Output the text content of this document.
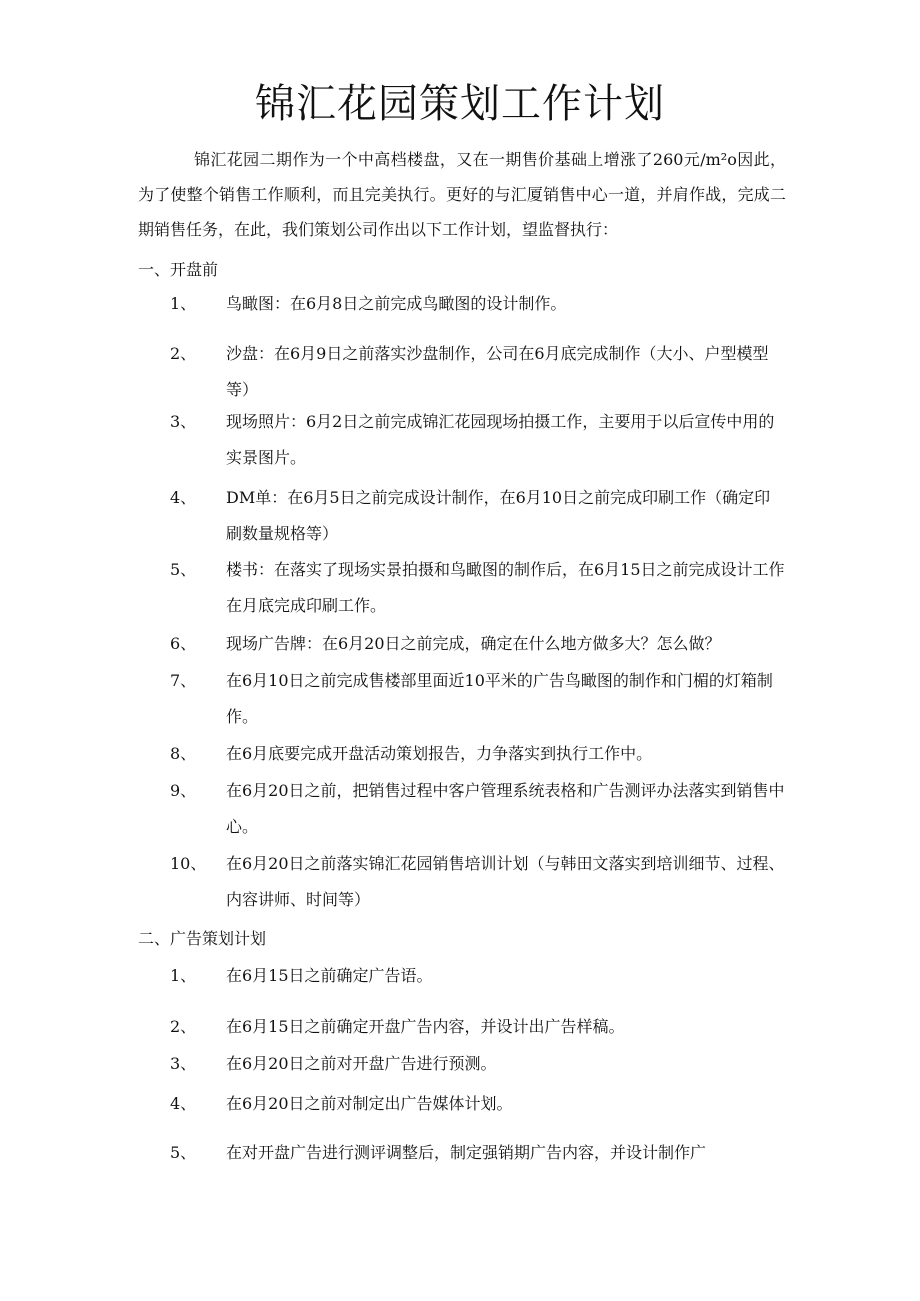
锦汇花园策划工作计划
锦汇花园二期作为一个中高档楼盘，又在一期售价基础上增涨了260元/m²o因此，为了使整个销售工作顺利，而且完美执行。更好的与汇厦销售中心一道，并肩作战，完成二期销售任务，在此，我们策划公司作出以下工作计划，望监督执行：
一、开盘前
1、 鸟瞰图：在6月8日之前完成鸟瞰图的设计制作。
2、 沙盘：在6月9日之前落实沙盘制作，公司在6月底完成制作（大小、户型模型等）
3、 现场照片：6月2日之前完成锦汇花园现场拍摄工作，主要用于以后宣传中用的实景图片。
4、 DM单：在6月5日之前完成设计制作，在6月10日之前完成印刷工作（确定印刷数量规格等）
5、 楼书：在落实了现场实景拍摄和鸟瞰图的制作后，在6月15日之前完成设计工作在月底完成印刷工作。
6、 现场广告牌：在6月20日之前完成，确定在什么地方做多大？怎么做？
7、 在6月10日之前完成售楼部里面近10平米的广告鸟瞰图的制作和门楣的灯箱制作。
8、 在6月底要完成开盘活动策划报告，力争落实到执行工作中。
9、 在6月20日之前，把销售过程中客户管理系统表格和广告测评办法落实到销售中心。
10、 在6月20日之前落实锦汇花园销售培训计划（与韩田文落实到培训细节、过程、内容讲师、时间等）
二、广告策划计划
1、 在6月15日之前确定广告语。
2、 在6月15日之前确定开盘广告内容，并设计出广告样稿。
3、 在6月20日之前对开盘广告进行预测。
4、 在6月20日之前对制定出广告媒体计划。
5、 在对开盘广告进行测评调整后，制定强销期广告内容，并设计制作广
